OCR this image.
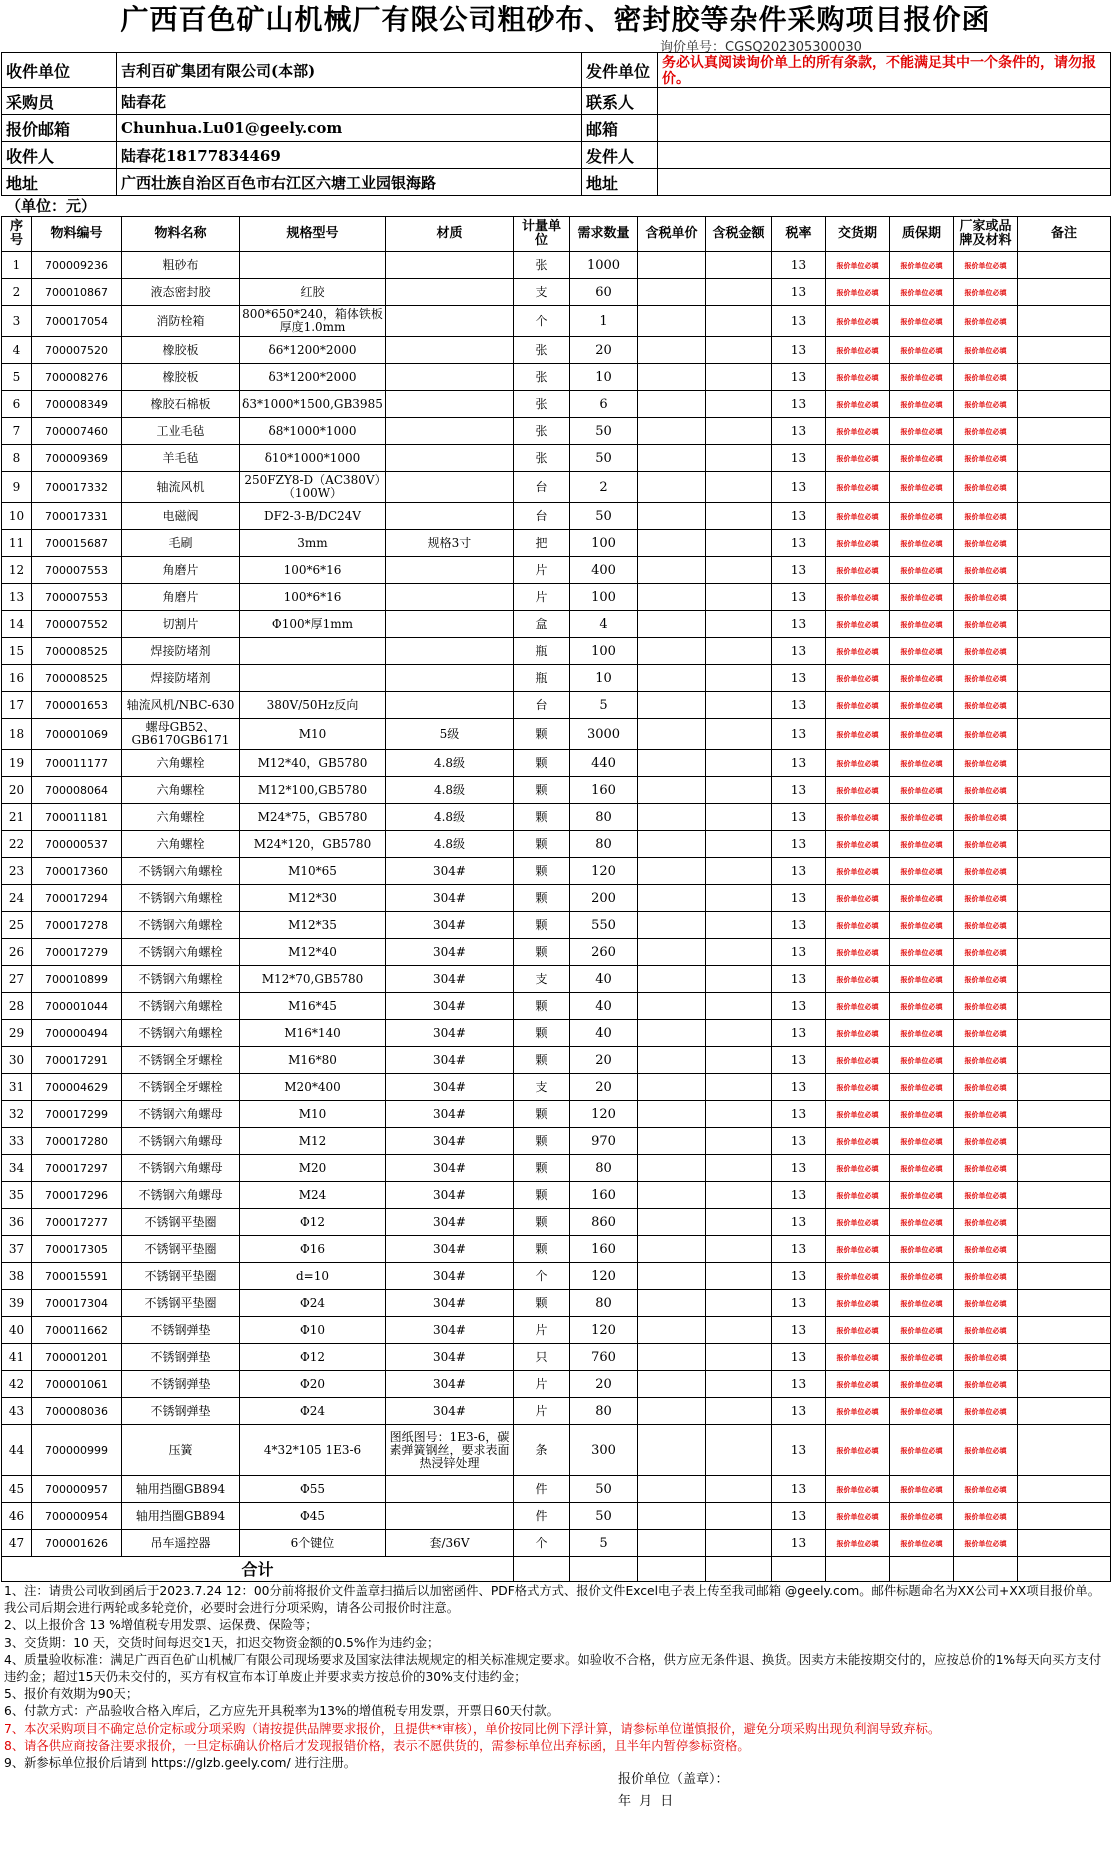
广西百色矿山机械厂有限公司粗砂布、密封胶等杂件采购项目报价函
询价单号：CGSQ202305300030
收件单位	吉利百矿集团有限公司(本部)	发件单位	务必认真阅读询价单上的所有条款，不能满足其中一个条件的，请勿报价。
采购员	陆春花	联系人	
报价邮箱	Chunhua.Lu01@geely.com	邮箱	
收件人	陆春花18177834469	发件人	
地址	广西壮族自治区百色市右江区六塘工业园银海路	地址	
（单位：元）
序号	物料编号	物料名称	规格型号	材质	计量单位	需求数量	含税单价	含税金额	税率	交货期	质保期	厂家或品牌及材料	备注
1	700009236	粗砂布			张	1000			13	报价单位必填	报价单位必填	报价单位必填	
2	700010867	液态密封胶	红胶		支	60			13	报价单位必填	报价单位必填	报价单位必填	
3	700017054	消防栓箱	800*650*240，箱体铁板厚度1.0mm		个	1			13	报价单位必填	报价单位必填	报价单位必填	
4	700007520	橡胶板	δ6*1200*2000		张	20			13	报价单位必填	报价单位必填	报价单位必填	
5	700008276	橡胶板	δ3*1200*2000		张	10			13	报价单位必填	报价单位必填	报价单位必填	
6	700008349	橡胶石棉板	δ3*1000*1500,GB3985		张	6			13	报价单位必填	报价单位必填	报价单位必填	
7	700007460	工业毛毡	δ8*1000*1000		张	50			13	报价单位必填	报价单位必填	报价单位必填	
8	700009369	羊毛毡	δ10*1000*1000		张	50			13	报价单位必填	报价单位必填	报价单位必填	
9	700017332	轴流风机	250FZY8-D（AC380V）（100W）		台	2			13	报价单位必填	报价单位必填	报价单位必填	
10	700017331	电磁阀	DF2-3-B/DC24V		台	50			13	报价单位必填	报价单位必填	报价单位必填	
11	700015687	毛刷	3mm	规格3寸	把	100			13	报价单位必填	报价单位必填	报价单位必填	
12	700007553	角磨片	100*6*16		片	400			13	报价单位必填	报价单位必填	报价单位必填	
13	700007553	角磨片	100*6*16		片	100			13	报价单位必填	报价单位必填	报价单位必填	
14	700007552	切割片	Φ100*厚1mm		盒	4			13	报价单位必填	报价单位必填	报价单位必填	
15	700008525	焊接防堵剂			瓶	100			13	报价单位必填	报价单位必填	报价单位必填	
16	700008525	焊接防堵剂			瓶	10			13	报价单位必填	报价单位必填	报价单位必填	
17	700001653	轴流风机/NBC-630	380V/50Hz反向		台	5			13	报价单位必填	报价单位必填	报价单位必填	
18	700001069	螺母GB52、GB6170GB6171	M10	5级	颗	3000			13	报价单位必填	报价单位必填	报价单位必填	
19	700011177	六角螺栓	M12*40，GB5780	4.8级	颗	440			13	报价单位必填	报价单位必填	报价单位必填	
20	700008064	六角螺栓	M12*100,GB5780	4.8级	颗	160			13	报价单位必填	报价单位必填	报价单位必填	
21	700011181	六角螺栓	M24*75，GB5780	4.8级	颗	80			13	报价单位必填	报价单位必填	报价单位必填	
22	700000537	六角螺栓	M24*120，GB5780	4.8级	颗	80			13	报价单位必填	报价单位必填	报价单位必填	
23	700017360	不锈钢六角螺栓	M10*65	304#	颗	120			13	报价单位必填	报价单位必填	报价单位必填	
24	700017294	不锈钢六角螺栓	M12*30	304#	颗	200			13	报价单位必填	报价单位必填	报价单位必填	
25	700017278	不锈钢六角螺栓	M12*35	304#	颗	550			13	报价单位必填	报价单位必填	报价单位必填	
26	700017279	不锈钢六角螺栓	M12*40	304#	颗	260			13	报价单位必填	报价单位必填	报价单位必填	
27	700010899	不锈钢六角螺栓	M12*70,GB5780	304#	支	40			13	报价单位必填	报价单位必填	报价单位必填	
28	700001044	不锈钢六角螺栓	M16*45	304#	颗	40			13	报价单位必填	报价单位必填	报价单位必填	
29	700000494	不锈钢六角螺栓	M16*140	304#	颗	40			13	报价单位必填	报价单位必填	报价单位必填	
30	700017291	不锈钢全牙螺栓	M16*80	304#	颗	20			13	报价单位必填	报价单位必填	报价单位必填	
31	700004629	不锈钢全牙螺栓	M20*400	304#	支	20			13	报价单位必填	报价单位必填	报价单位必填	
32	700017299	不锈钢六角螺母	M10	304#	颗	120			13	报价单位必填	报价单位必填	报价单位必填	
33	700017280	不锈钢六角螺母	M12	304#	颗	970			13	报价单位必填	报价单位必填	报价单位必填	
34	700017297	不锈钢六角螺母	M20	304#	颗	80			13	报价单位必填	报价单位必填	报价单位必填	
35	700017296	不锈钢六角螺母	M24	304#	颗	160			13	报价单位必填	报价单位必填	报价单位必填	
36	700017277	不锈钢平垫圈	Φ12	304#	颗	860			13	报价单位必填	报价单位必填	报价单位必填	
37	700017305	不锈钢平垫圈	Φ16	304#	颗	160			13	报价单位必填	报价单位必填	报价单位必填	
38	700015591	不锈钢平垫圈	d=10	304#	个	120			13	报价单位必填	报价单位必填	报价单位必填	
39	700017304	不锈钢平垫圈	Φ24	304#	颗	80			13	报价单位必填	报价单位必填	报价单位必填	
40	700011662	不锈钢弹垫	Φ10	304#	片	120			13	报价单位必填	报价单位必填	报价单位必填	
41	700001201	不锈钢弹垫	Φ12	304#	只	760			13	报价单位必填	报价单位必填	报价单位必填	
42	700001061	不锈钢弹垫	Φ20	304#	片	20			13	报价单位必填	报价单位必填	报价单位必填	
43	700008036	不锈钢弹垫	Φ24	304#	片	80			13	报价单位必填	报价单位必填	报价单位必填	
44	700000999	压簧	4*32*105 1E3-6	图纸图号：1E3-6，碳素弹簧钢丝，要求表面热浸锌处理	条	300			13	报价单位必填	报价单位必填	报价单位必填	
45	700000957	轴用挡圈GB894	Φ55		件	50			13	报价单位必填	报价单位必填	报价单位必填	
46	700000954	轴用挡圈GB894	Φ45		件	50			13	报价单位必填	报价单位必填	报价单位必填	
47	700001626	吊车遥控器	6个键位	套/36V	个	5			13	报价单位必填	报价单位必填	报价单位必填	
合计													
1、注：请贵公司收到函后于2023.7.24 12：00分前将报价文件盖章扫描后以加密函件、PDF格式方式、报价文件Excel电子表上传至我司邮箱 @geely.com。邮件标题命名为XX公司+XX项目报价单。我公司后期会进行两轮或多轮竞价，必要时会进行分项采购，请各公司报价时注意。
2、以上报价含 13 %增值税专用发票、运保费、保险等；
3、交货期：10 天，交货时间每迟交1天，扣迟交物资金额的0.5%作为违约金；
4、质量验收标准：满足广西百色矿山机械厂有限公司现场要求及国家法律法规规定的相关标准规定要求。如验收不合格，供方应无条件退、换货。因卖方未能按期交付的，应按总价的1%每天向买方支付违约金；超过15天仍未交付的，买方有权宣布本订单废止并要求卖方按总价的30%支付违约金；
5、报价有效期为90天；
6、付款方式：产品验收合格入库后，乙方应先开具税率为13%的增值税专用发票，开票日60天付款。
7、本次采购项目不确定总价定标或分项采购（请按提供品牌要求报价，且提供**审核），单价按同比例下浮计算，请参标单位谨慎报价，避免分项采购出现负利润导致弃标。
8、请各供应商按备注要求报价，一旦定标确认价格后才发现报错价格，表示不愿供货的，需参标单位出弃标函，且半年内暂停参标资格。
9、新参标单位报价后请到 https://glzb.geely.com/ 进行注册。
报价单位（盖章）：
年 月 日
